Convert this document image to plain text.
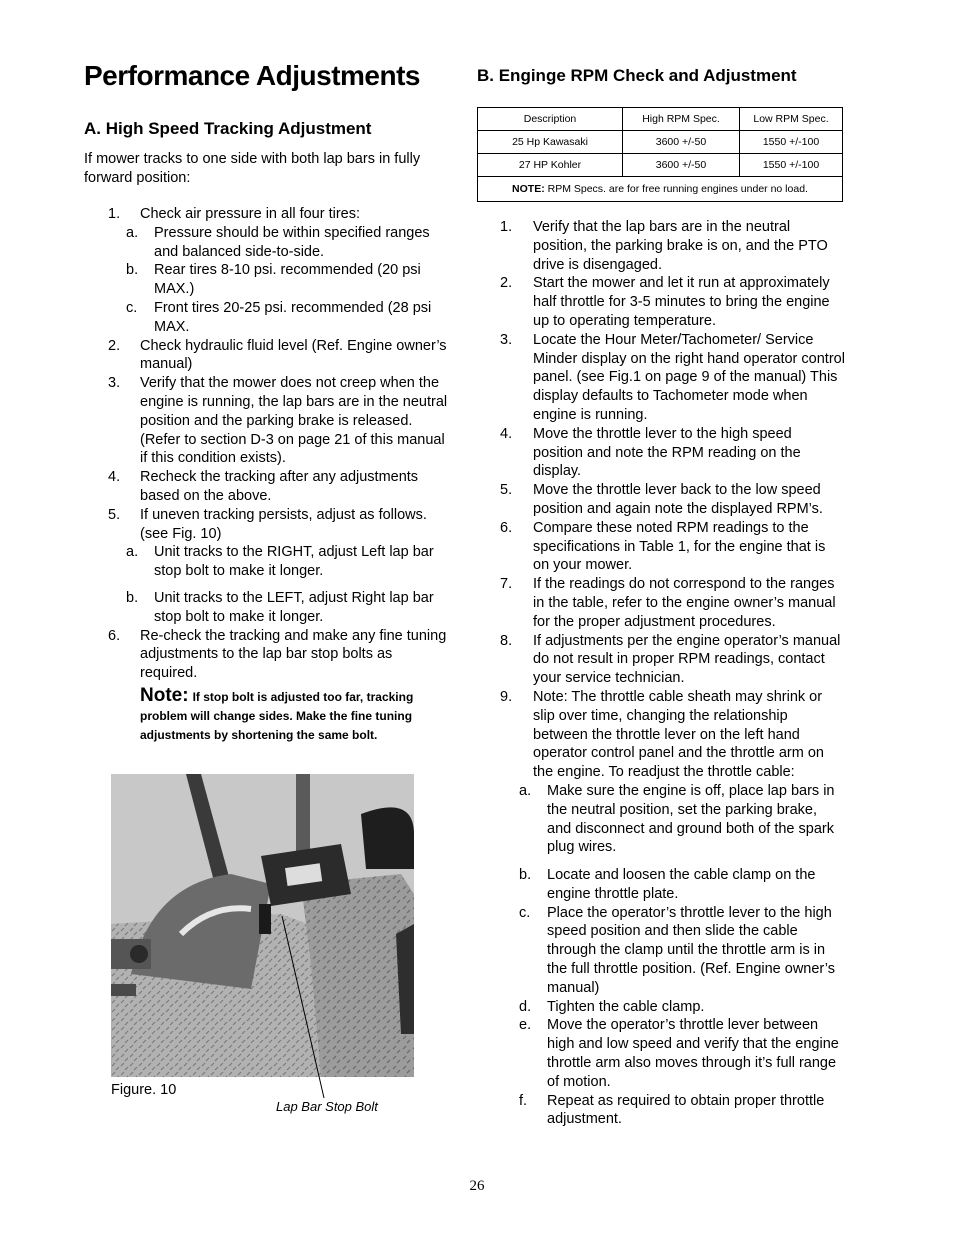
Performance Adjustments
A. High Speed Tracking Adjustment
If mower tracks to one side with both lap bars in fully forward position:
1. Check air pressure in all four tires:
a. Pressure should be within specified ranges and balanced side-to-side.
b. Rear tires 8-10 psi. recommended (20 psi MAX.)
c. Front tires 20-25 psi. recommended (28 psi MAX.
2. Check hydraulic fluid level (Ref. Engine owner’s manual)
3. Verify that the mower does not creep when the engine is running, the lap bars are in the neutral position and the parking brake is released. (Refer to section D-3 on page 21 of this manual if this condition exists).
4. Recheck the tracking after any adjustments based on the above.
5. If uneven tracking persists, adjust as follows. (see Fig. 10)
a. Unit tracks to the RIGHT, adjust Left lap bar stop bolt to make it longer.
b. Unit tracks to the LEFT, adjust Right lap bar stop bolt to make it longer.
6. Re-check the tracking and make any fine tuning adjustments to the lap bar stop bolts as required.
Note: If stop bolt is adjusted too far, tracking problem will change sides. Make the fine tuning adjustments by shortening the same bolt.
Figure. 10
Lap Bar Stop Bolt
B. Enginge RPM Check and Adjustment
Description	High RPM Spec.	Low RPM Spec.
25 Hp Kawasaki	3600 +/-50	1550 +/-100
27 HP Kohler	3600 +/-50	1550 +/-100
NOTE: RPM Specs. are for free running engines under no load.		
1. Verify that the lap bars are in the neutral position, the parking brake is on, and the PTO drive is disengaged.
2. Start the mower and let it run at approximately half throttle for 3-5 minutes to bring the engine up to operating temperature.
3. Locate the Hour Meter/Tachometer/ Service Minder display on the right hand operator control panel. (see Fig.1 on page 9 of the manual) This display defaults to Tachometer mode when engine is running.
4. Move the throttle lever to the high speed position and note the RPM reading on the display.
5. Move the throttle lever back to the low speed position and again note the displayed RPM’s.
6. Compare these noted RPM readings to the specifications in Table 1, for the engine that is on your mower.
7. If the readings do not correspond to the ranges in the table, refer to the engine owner’s manual for the proper adjustment procedures.
8. If adjustments per the engine operator’s manual do not result in proper RPM readings, contact your service technician.
9. Note: The throttle cable sheath may shrink or slip over time, changing the relationship between the throttle lever on the left hand operator control panel and the throttle arm on the engine. To readjust the throttle cable:
a. Make sure the engine is off, place lap bars in the neutral position, set the parking brake, and disconnect and ground both of the spark plug wires.
b. Locate and loosen the cable clamp on the engine throttle plate.
c. Place the operator’s throttle lever to the high speed position and then slide the cable through the clamp until the throttle arm is in the full throttle position. (Ref. Engine owner’s manual)
d. Tighten the cable clamp.
e. Move the operator’s throttle lever between high and low speed and verify that the engine throttle arm also moves through it’s full range of motion.
f. Repeat as required to obtain proper throttle adjustment.
26
